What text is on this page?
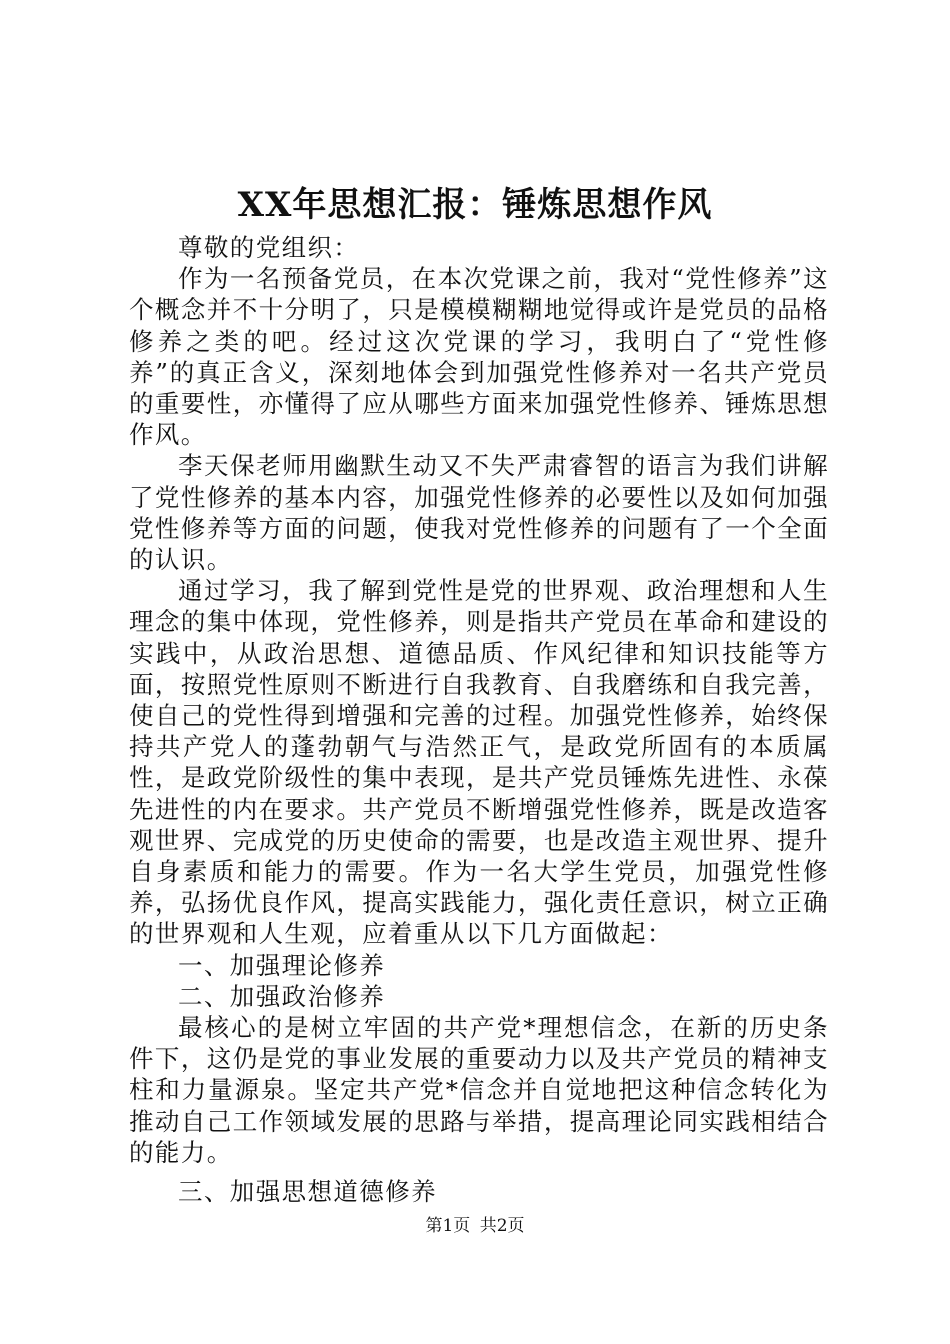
XX年思想汇报：锤炼思想作风

尊敬的党组织：

作为一名预备党员，在本次党课之前，我对“党性修养”这个概念并不十分明了，只是模模糊糊地觉得或许是党员的品格修养之类的吧。经过这次党课的学习，我明白了“党性修养”的真正含义，深刻地体会到加强党性修养对一名共产党员的重要性，亦懂得了应从哪些方面来加强党性修养、锤炼思想作风。

李天保老师用幽默生动又不失严肃睿智的语言为我们讲解了党性修养的基本内容，加强党性修养的必要性以及如何加强党性修养等方面的问题，使我对党性修养的问题有了一个全面的认识。

通过学习，我了解到党性是党的世界观、政治理想和人生理念的集中体现，党性修养，则是指共产党员在革命和建设的实践中，从政治思想、道德品质、作风纪律和知识技能等方面，按照党性原则不断进行自我教育、自我磨练和自我完善，使自己的党性得到增强和完善的过程。加强党性修养，始终保持共产党人的蓬勃朝气与浩然正气，是政党所固有的本质属性，是政党阶级性的集中表现，是共产党员锤炼先进性、永葆先进性的内在要求。共产党员不断增强党性修养，既是改造客观世界、完成党的历史使命的需要，也是改造主观世界、提升自身素质和能力的需要。作为一名大学生党员，加强党性修养，弘扬优良作风，提高实践能力，强化责任意识，树立正确的世界观和人生观，应着重从以下几方面做起：

一、加强理论修养

二、加强政治修养

最核心的是树立牢固的共产党*理想信念，在新的历史条件下，这仍是党的事业发展的重要动力以及共产党员的精神支柱和力量源泉。坚定共产党*信念并自觉地把这种信念转化为推动自己工作领域发展的思路与举措，提高理论同实践相结合的能力。

三、加强思想道德修养

第1页 共2页
